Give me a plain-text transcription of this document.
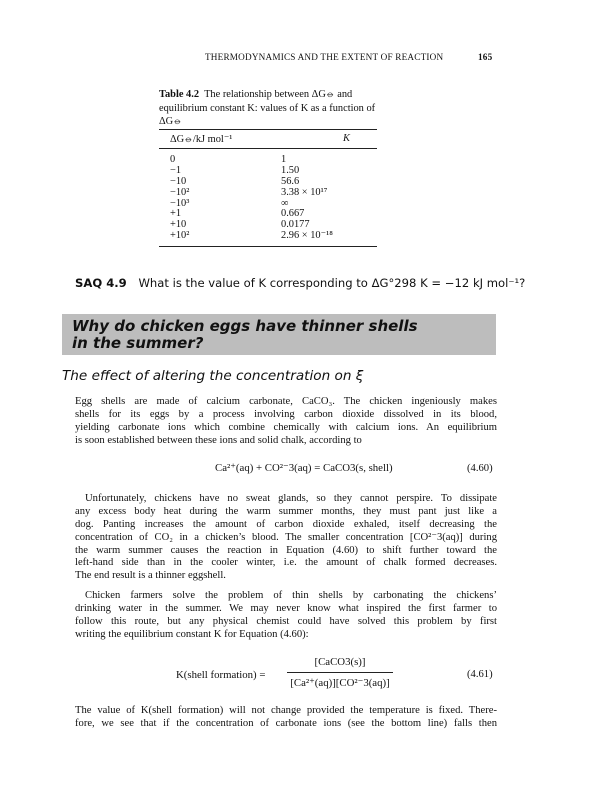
THERMODYNAMICS AND THE EXTENT OF REACTION	165
Table 4.2 The relationship between ΔG⦵ and equilibrium constant K: values of K as a function of ΔG⦵
ΔG⦵/kJ mol⁻¹	K
0	1
−1	1.50
−10	56.6
−10²	3.38 × 10¹⁷
−10³	∞
+1	0.667
+10	0.0177
+10²	2.96 × 10⁻¹⁸
SAQ 4.9 What is the value of K corresponding to ΔG°298 K = −12 kJ mol⁻¹?
Why do chicken eggs have thinner shells
in the summer?
The effect of altering the concentration on ξ
Egg shells are made of calcium carbonate, CaCO₃. The chicken ingeniously makes
shells for its eggs by a process involving carbon dioxide dissolved in its blood,
yielding carbonate ions which combine chemically with calcium ions. An equilibrium
is soon established between these ions and solid chalk, according to
Ca²⁺(aq) + CO²⁻3(aq) = CaCO3(s, shell)	(4.60)
Unfortunately, chickens have no sweat glands, so they cannot perspire. To dissipate
any excess body heat during the warm summer months, they must pant just like a
dog. Panting increases the amount of carbon dioxide exhaled, itself decreasing the
concentration of CO₂ in a chicken’s blood. The smaller concentration [CO²⁻3(aq)] during
the warm summer causes the reaction in Equation (4.60) to shift further toward the
left-hand side than in the cooler winter, i.e. the amount of chalk formed decreases.
The end result is a thinner eggshell.
Chicken farmers solve the problem of thin shells by carbonating the chickens’
drinking water in the summer. We may never know what inspired the first farmer to
follow this route, but any physical chemist could have solved this problem by first
writing the equilibrium constant K for Equation (4.60):
K(shell formation) =
[CaCO3(s)]
[Ca²⁺(aq)][CO²⁻3(aq)]
(4.61)
The value of K(shell formation) will not change provided the temperature is fixed. There-
fore, we see that if the concentration of carbonate ions (see the bottom line) falls then
